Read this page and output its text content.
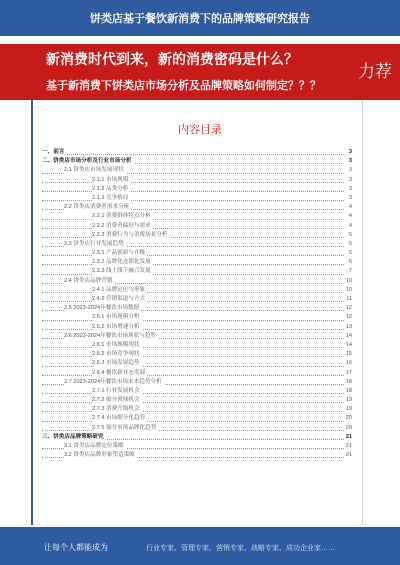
饼类店基于餐饮新消费下的品牌策略研究报告
新消费时代到来，新的消费密码是什么？
基于新消费下饼类店市场分析及品牌策略如何制定？？？
力荐
内容目录
一、前言	3
二、饼类店市场分析及行业市场分析	3
2.1 饼类店市场发展现状	3
2.1.1 市场规模	3
2.1.2 品类分析	3
2.1.3 竞争格局	3
2.2 饼类店消费者需求分析	4
2.2.1 消费群体特点分析	4
2.2.2 消费者偏好与需求	4
2.2.3 消费行为与消费场景分析	5
2.3 饼类店行业发展趋势	5
2.3.1 产品创新与升级	5
2.3.2 品牌化连锁化发展	6
2.3.3 线上线下融合发展	7
2.4 饼类店品牌营销	10
2.4.1 品牌定位与形象	10
2.4.2 营销渠道与方式	11
2.5 2023-2024年餐饮市场数据	12
2.5.1 市场规模分析	12
2.5.2 市场增速分析	13
2.6 2023-2024年餐饮市场现状与趋势	14
2.6.1 市场规模现状	14
2.6.2 市场竞争现状	15
2.6.3 市场发展趋势	16
2.6.4 餐饮新业态发展	17
2.7 2023-2024年餐饮市场未来趋势分析	18
2.7.1 行业发展机会	18
2.7.2 细分领域机会	19
2.7.3 消费升级机会	19
2.7.4 市场细分化趋势	20
2.7.5 细分市场品牌化趋势	20
三、饼类店品牌策略研究	21
3.1 饼类店品牌定位策略	21
3.2 饼类店品牌形象塑造策略	21
让每个人都能成为	行业专家、管理专家、营销专家、战略专家、成功企业家……
